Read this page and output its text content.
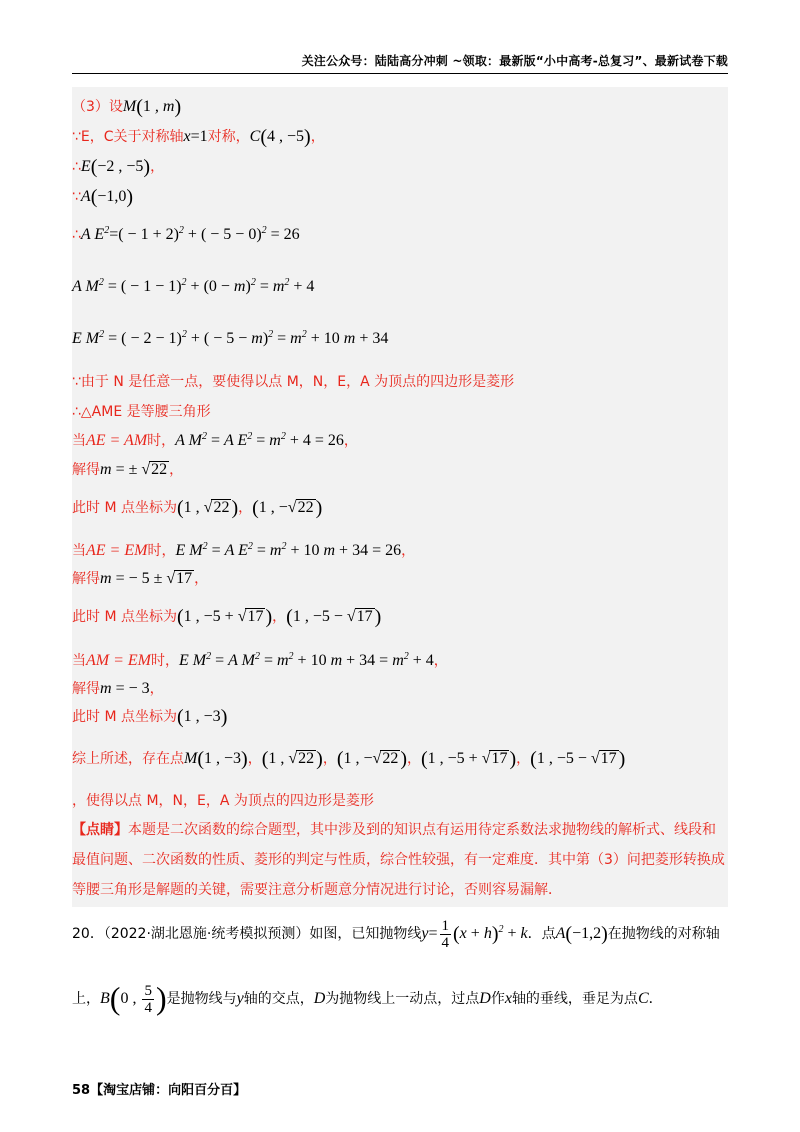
关注公众号：陆陆高分冲刺 ~领取：最新版“小中高考-总复习”、最新试卷下载
（3）设M(1 , m)
∵E，C关于对称轴x=1对称，C(4 , −5)，
∴E(−2 , −5)，
∵A(−1,0)
∴A $E^2=( - 1 + 2)^2$ + ( − 5 − 0)$^2$ = 26
A $M^2$ = ( − $1 - 1)^2 + (0 - m)^2 = m^2 + 4$
E $M^2$ = ( − 2 − 1)$^2$ + ( − $5 - m)^2 = m^2 + 10$ m + 34
∵由于 N 是任意一点，要使得以点 M，N，E，A 为顶点的四边形是菱形
∴△AME 是等腰三角形
当AE = AM时，A $M^2 = A$ $E^2 = m^2 + 4 = 26$，
解得m = ± √22 ，
此时 M 点坐标为(1 , √22 )，(1 , −√22 )
当AE = EM时，E $M^2 = A$ $E^2 = m^2 + 10$ m + 34 = 26，
解得m = − 5 ± √17 ，
此时 M 点坐标为(1 , −5 + √17 )，(1 , −5 − √17 )
当AM = EM时，E $M^2 = A$ $M^2 = m^2 + 10$ $m + 34 = m^2 + 4$，
解得m = − 3，
此时 M 点坐标为(1 , −3)
综上所述，存在点M(1 , −3)，(1 , √22 )，(1 , −√22 )，(1 , −5 + √17 )，(1 , −5 − √17 )
，使得以点 M，N，E，A 为顶点的四边形是菱形
【点睛】本题是二次函数的综合题型，其中涉及到的知识点有运用待定系数法求抛物线的解析式、线段和最值问题、二次函数的性质、菱形的判定与性质，综合性较强，有一定难度．其中第（3）问把菱形转换成等腰三角形是解题的关键，需要注意分析题意分情况进行讨论，否则容易漏解．
20．（2022·湖北恩施·统考模拟预测）如图，已知抛物线$y= \frac{1}{4} (x + h)^2 + k$．点A(−1,2)在抛物线的对称轴
上，B(0 , $\frac{5}{4}$ )是抛物线与y轴的交点，D为抛物线上一动点，过点D作x轴的垂线，垂足为点C．
58【淘宝店铺：向阳百分百】
